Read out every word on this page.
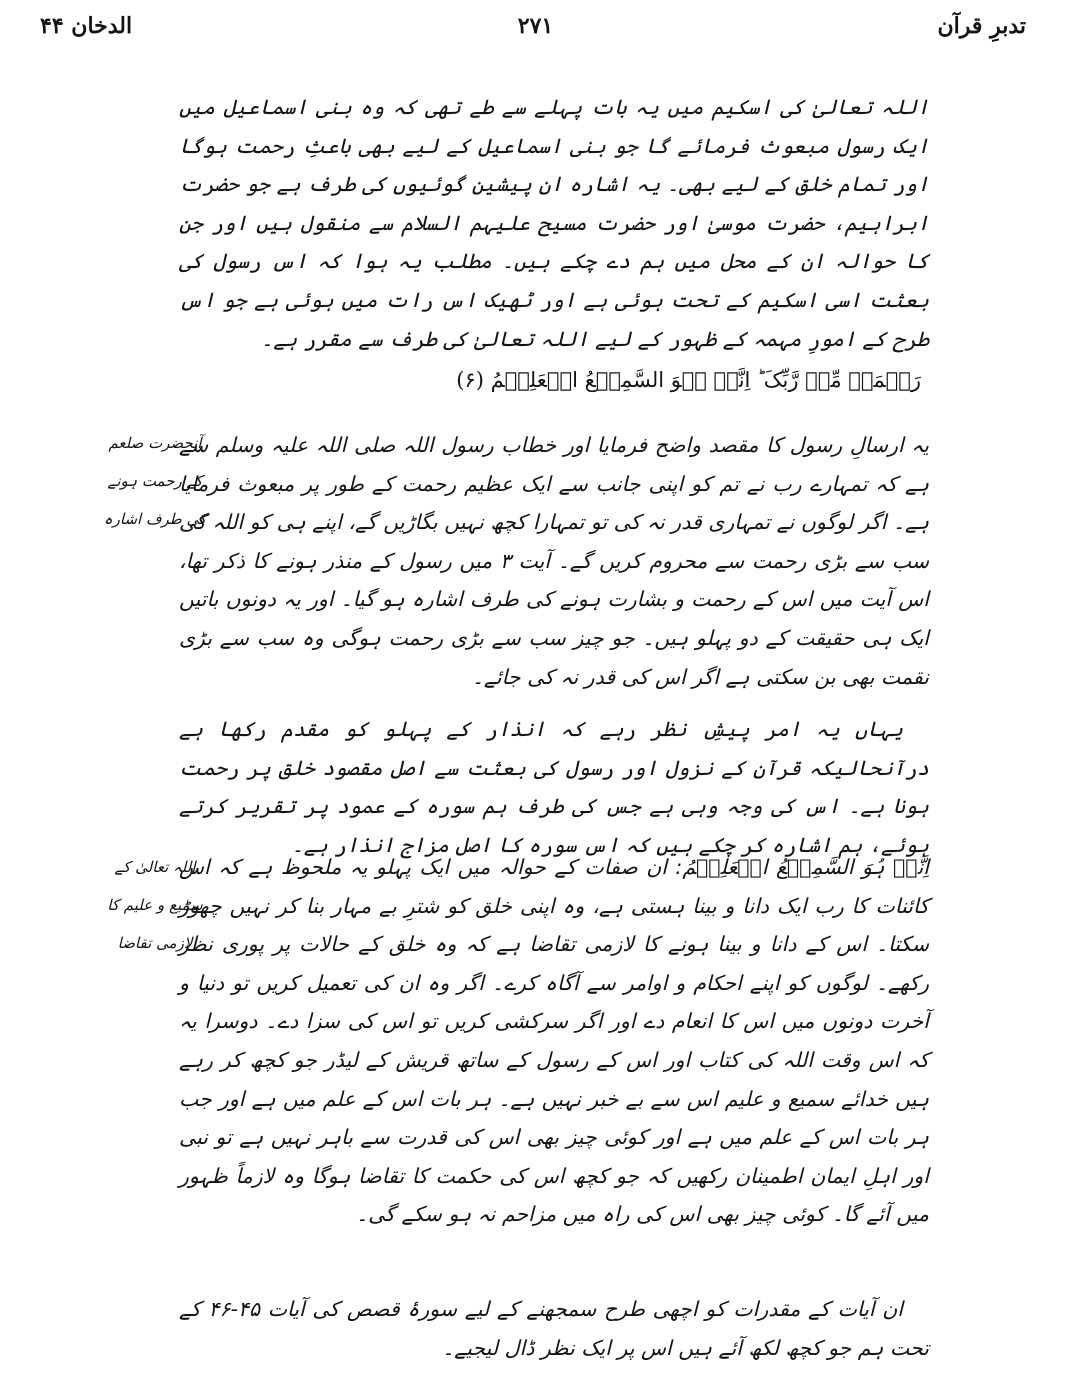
تدبرِ قرآن
۲۷۱
الدخان ۴۴
اللہ تعالیٰ کی اسکیم میں یہ بات پہلے سے طے تھی کہ وہ بنی اسماعیل میں ایک رسول مبعوث فرمائے گا جو بنی اسماعیل کے لیے بھی باعثِ رحمت ہوگا اور تمام خلق کے لیے بھی۔ یہ اشارہ ان پیشین گوئیوں کی طرف ہے جو حضرت ابراہیم، حضرت موسیٰ اور حضرت مسیح علیہم السلام سے منقول ہیں اور جن کا حوالہ ان کے محل میں ہم دے چکے ہیں۔ مطلب یہ ہوا کہ اس رسول کی بعثت اسی اسکیم کے تحت ہوئی ہے اور ٹھیک اس رات میں ہوئی ہے جو اس طرح کے امورِ مہمہ کے ظہور کے لیے اللہ تعالیٰ کی طرف سے مقرر ہے۔
رَحۡمَۃً مِّنۡ رَّبِّکَ ؕ اِنَّہٗ ہُوَ السَّمِیۡعُ الۡعَلِیۡمُ (۶)
یہ ارسالِ رسول کا مقصد واضح فرمایا اور خطاب رسول اللہ صلی اللہ علیہ وسلم سے ہے کہ تمہارے رب نے تم کو اپنی جانب سے ایک عظیم رحمت کے طور پر مبعوث فرمایا ہے۔ اگر لوگوں نے تمہاری قدر نہ کی تو تمہارا کچھ نہیں بگاڑیں گے، اپنے ہی کو اللہ کی سب سے بڑی رحمت سے محروم کریں گے۔ آیت ۳ میں رسول کے منذر ہونے کا ذکر تھا، اس آیت میں اس کے رحمت و بشارت ہونے کی طرف اشارہ ہو گیا۔ اور یہ دونوں باتیں ایک ہی حقیقت کے دو پہلو ہیں۔ جو چیز سب سے بڑی رحمت ہوگی وہ سب سے بڑی نقمت بھی بن سکتی ہے اگر اس کی قدر نہ کی جائے۔
یہاں یہ امر پیشِ نظر رہے کہ انذار کے پہلو کو مقدم رکھا ہے درآنحالیکہ قرآن کے نزول اور رسول کی بعثت سے اصل مقصود خلق پر رحمت ہونا ہے۔ اس کی وجہ وہی ہے جس کی طرف ہم سورہ کے عمود پر تقریر کرتے ہوئے، ہم اشارہ کر چکے ہیں کہ اس سورہ کا اصل مزاج انذار ہے۔
اِنَّہٗ ہُوَ السَّمِیۡعُ الۡعَلِیۡمُ: ان صفات کے حوالہ میں ایک پہلو یہ ملحوظ ہے کہ اس کائنات کا رب ایک دانا و بینا ہستی ہے، وہ اپنی خلق کو شترِ بے مہار بنا کر نہیں چھوڑ سکتا۔ اس کے دانا و بینا ہونے کا لازمی تقاضا ہے کہ وہ خلق کے حالات پر پوری نظر رکھے۔ لوگوں کو اپنے احکام و اوامر سے آگاہ کرے۔ اگر وہ ان کی تعمیل کریں تو دنیا و آخرت دونوں میں اس کا انعام دے اور اگر سرکشی کریں تو اس کی سزا دے۔ دوسرا یہ کہ اس وقت اللہ کی کتاب اور اس کے رسول کے ساتھ قریش کے لیڈر جو کچھ کر رہے ہیں خدائے سمیع و علیم اس سے بے خبر نہیں ہے۔ ہر بات اس کے علم میں ہے اور جب ہر بات اس کے علم میں ہے اور کوئی چیز بھی اس کی قدرت سے باہر نہیں ہے تو نبی اور اہلِ ایمان اطمینان رکھیں کہ جو کچھ اس کی حکمت کا تقاضا ہوگا وہ لازماً ظہور میں آئے گا۔ کوئی چیز بھی اس کی راہ میں مزاحم نہ ہو سکے گی۔
ان آیات کے مقدرات کو اچھی طرح سمجھنے کے لیے سورۂ قصص کی آیات ۴۵-۴۶ کے تحت ہم جو کچھ لکھ آئے ہیں اس پر ایک نظر ڈال لیجیے۔
آنحضرت صلعم کے رحمت ہونے کی طرف اشارہ
اللہ تعالیٰ کے سمیع و علیم کا لازمی تقاضا
